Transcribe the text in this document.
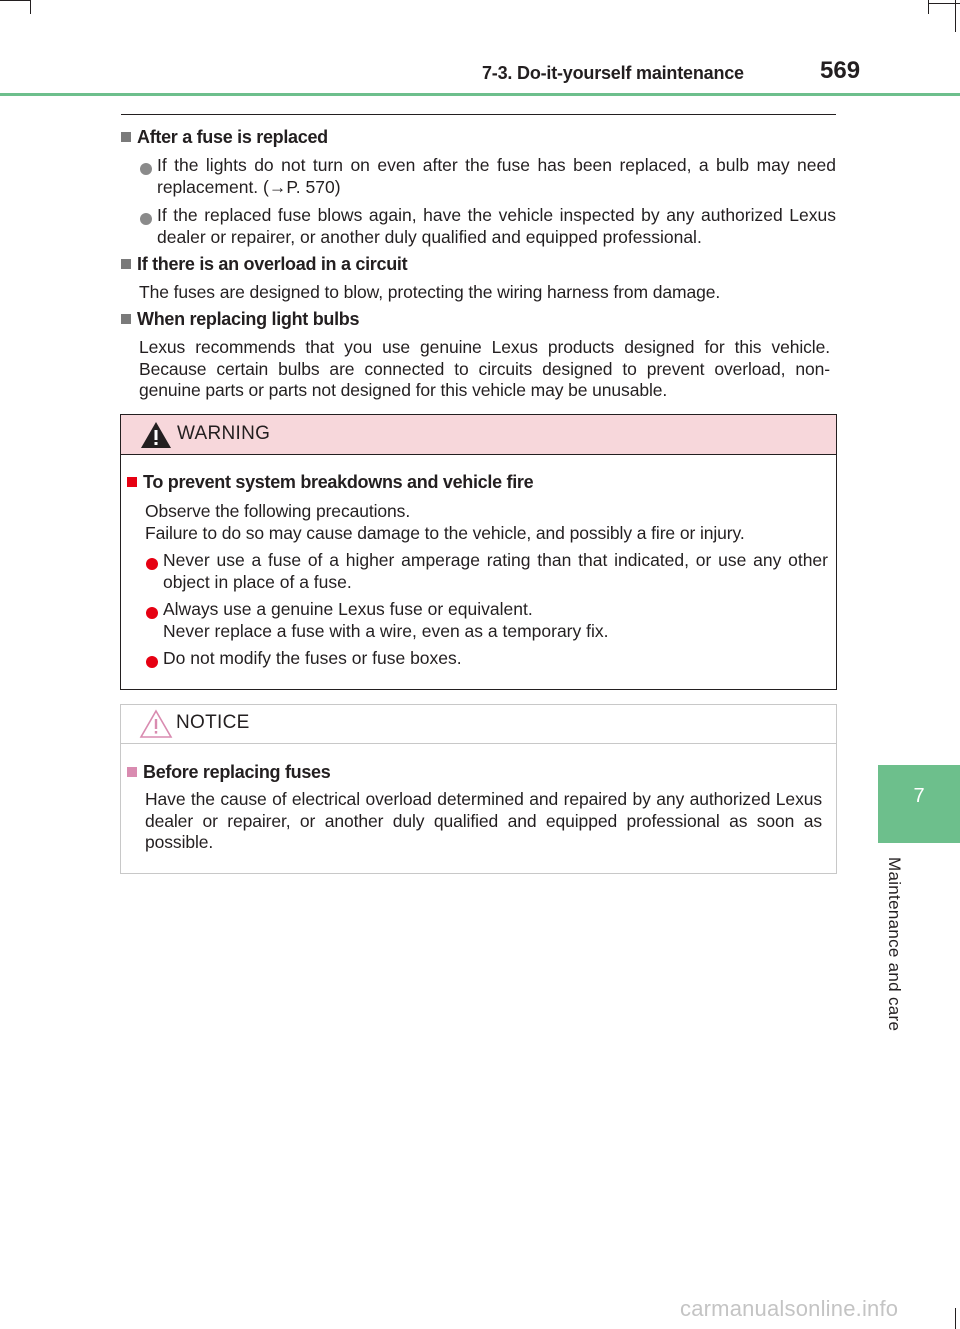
7-3. Do-it-yourself maintenance	569
After a fuse is replaced
If the lights do not turn on even after the fuse has been replaced, a bulb may need replacement. (→P. 570)
If the replaced fuse blows again, have the vehicle inspected by any authorized Lexus dealer or repairer, or another duly qualified and equipped professional.
If there is an overload in a circuit
The fuses are designed to blow, protecting the wiring harness from damage.
When replacing light bulbs
Lexus recommends that you use genuine Lexus products designed for this vehicle. Because certain bulbs are connected to circuits designed to prevent overload, non-genuine parts or parts not designed for this vehicle may be unusable.
WARNING
To prevent system breakdowns and vehicle fire
Observe the following precautions.
Failure to do so may cause damage to the vehicle, and possibly a fire or injury.
Never use a fuse of a higher amperage rating than that indicated, or use any other object in place of a fuse.
Always use a genuine Lexus fuse or equivalent.
Never replace a fuse with a wire, even as a temporary fix.
Do not modify the fuses or fuse boxes.
NOTICE
Before replacing fuses
Have the cause of electrical overload determined and repaired by any authorized Lexus dealer or repairer, or another duly qualified and equipped professional as soon as possible.
7
Maintenance and care
carmanualsonline.info
